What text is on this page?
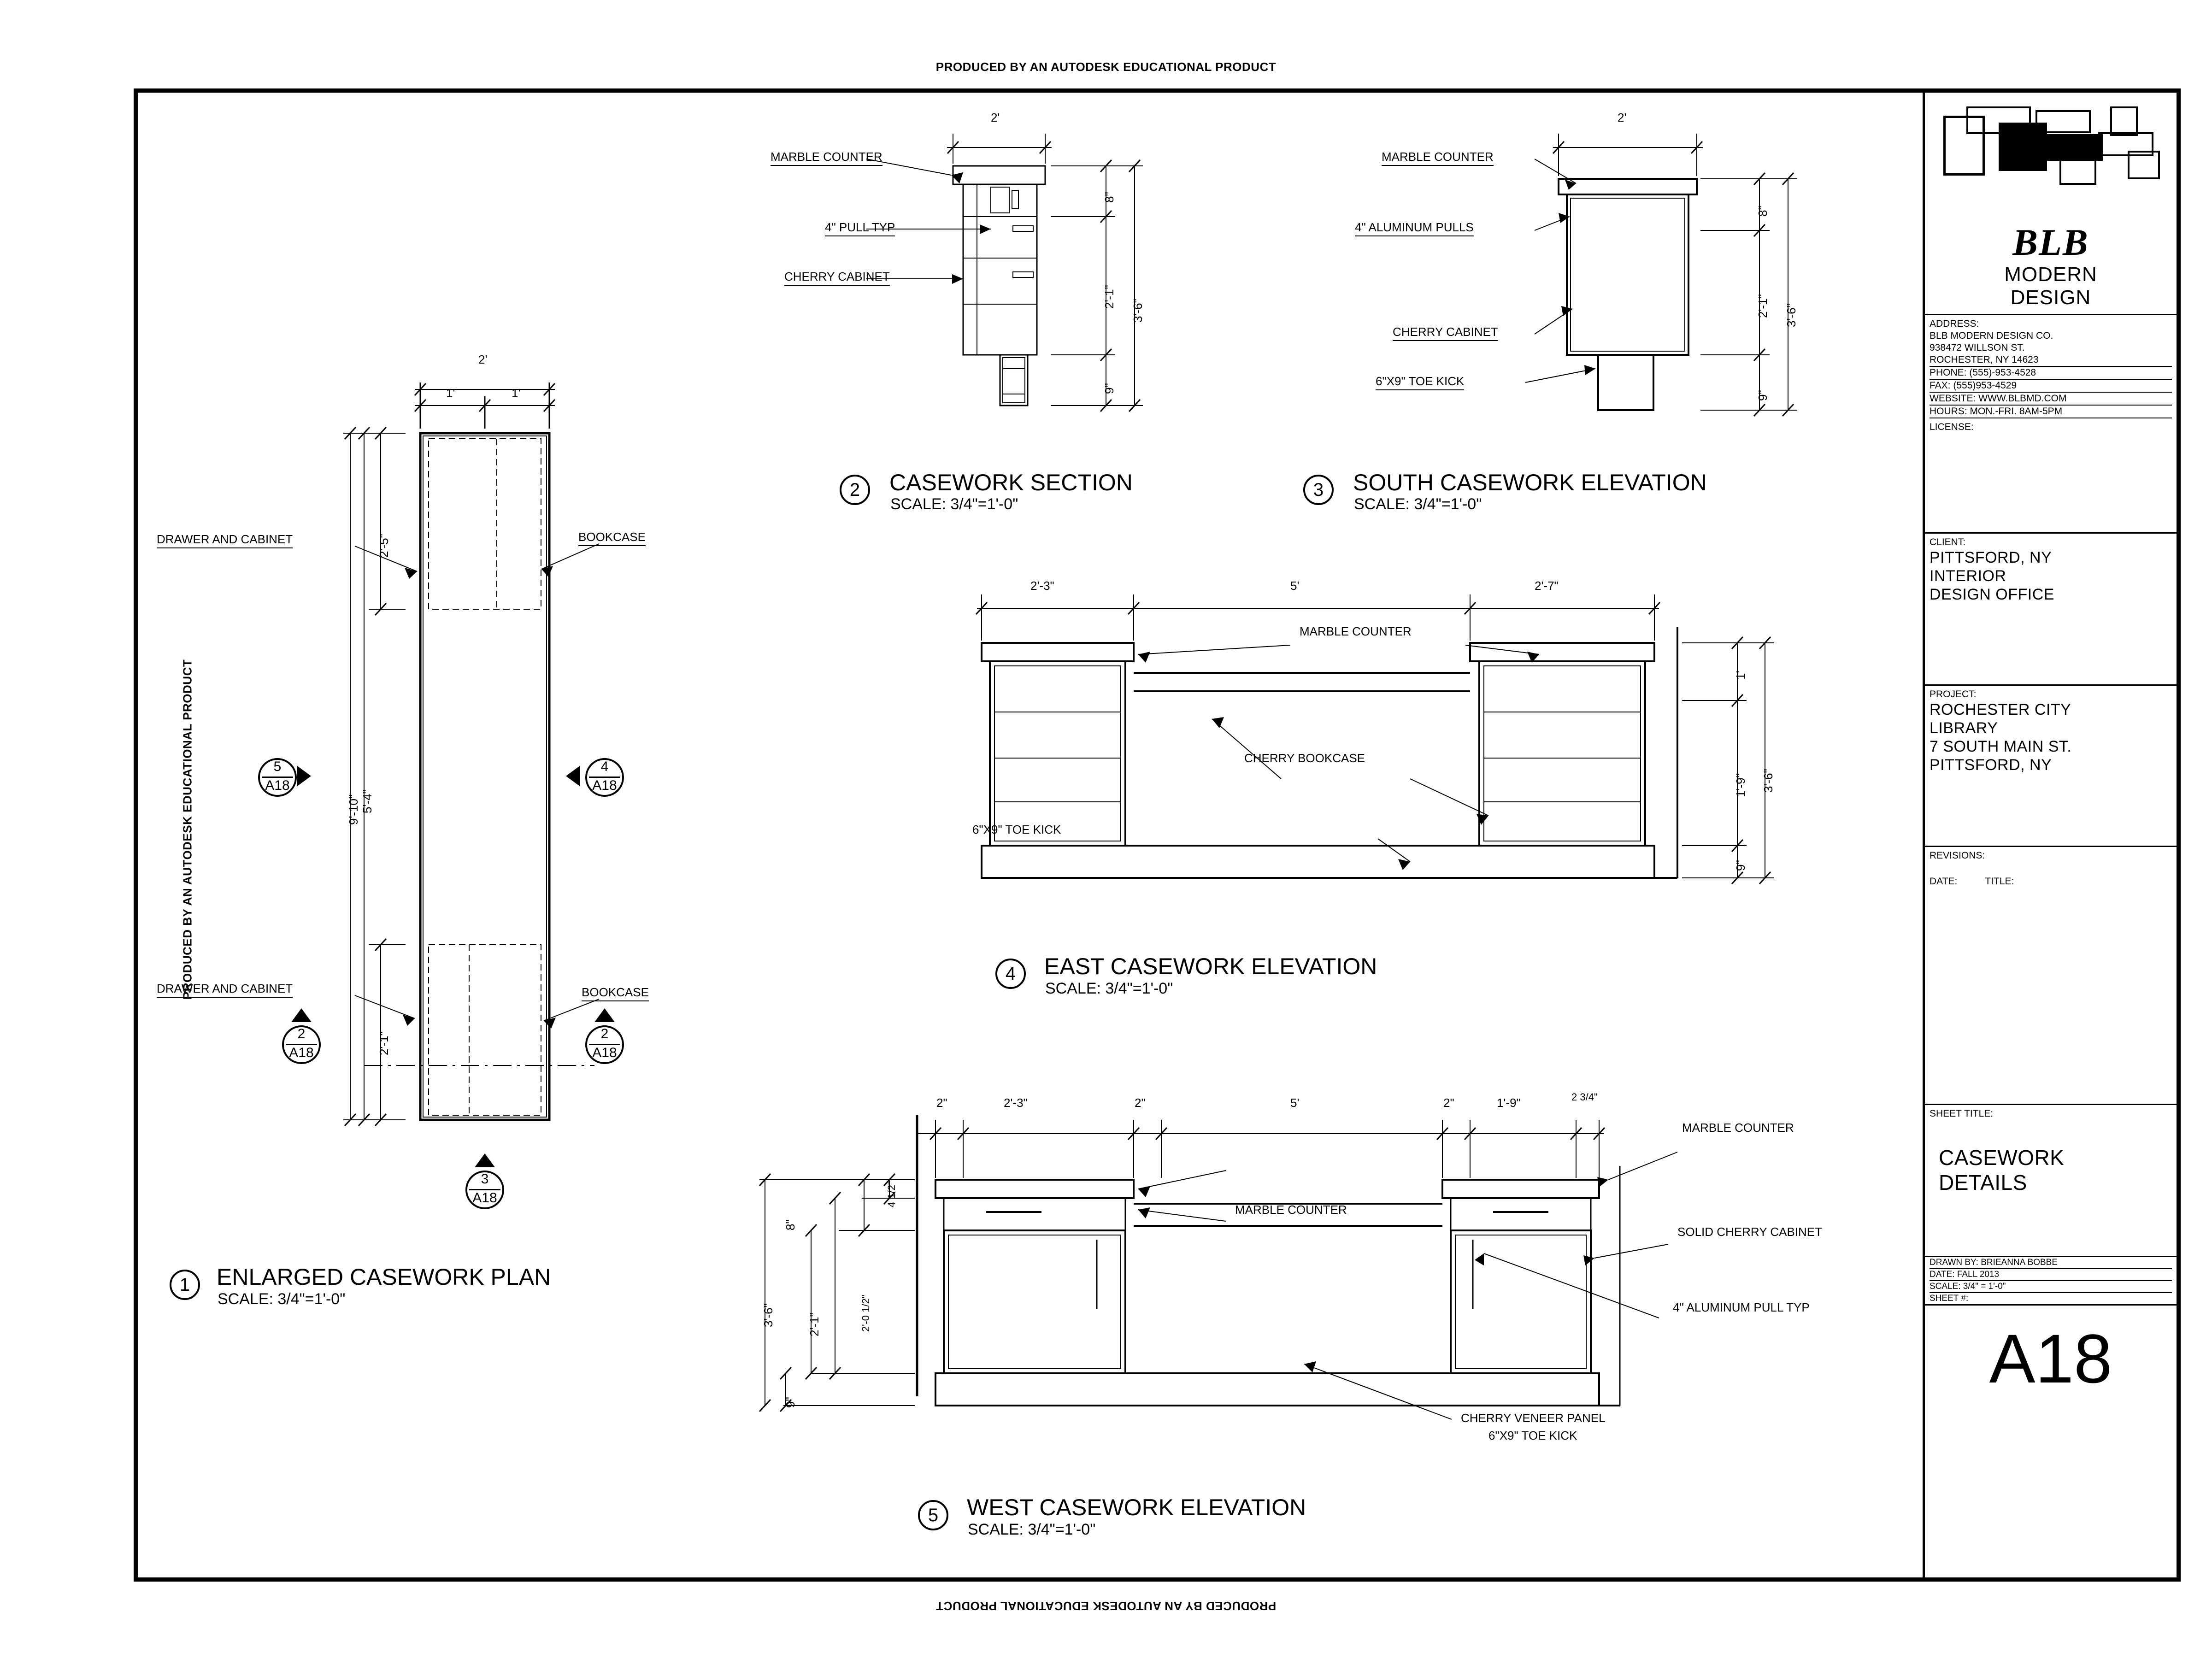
PRODUCED BY AN AUTODESK EDUCATIONAL PRODUCT
PRODUCED BY AN AUTODESK EDUCATIONAL PRODUCT
PRODUCED BY AN AUTODESK EDUCATIONAL PRODUCT
DRAWER AND CABINET	BOOKCASE
DRAWER AND CABINET	BOOKCASE
2'
1'	1'
2'-5"
9'-10" 5'-4"
2'-1"
5
A18
4
A18
2
A18
2
A18
3
A18
1	ENLARGED CASEWORK PLAN
SCALE: 3/4"=1'-0"
MARBLE COUNTER
4" PULL TYP
CHERRY CABINET
2'
8"
2'-1"
9"
3'-6"
2	CASEWORK SECTION
SCALE: 3/4"=1'-0"
MARBLE COUNTER
4" ALUMINUM PULLS
CHERRY CABINET
6"X9" TOE KICK
2'
8"
2'-1"
9"
3'-6"
3	SOUTH CASEWORK ELEVATION
SCALE: 3/4"=1'-0"
MARBLE COUNTER
CHERRY BOOKCASE
6"X9" TOE KICK
2'-3"	5'	2'-7"
1'
1'-9"
9"
3'-6"
4	EAST CASEWORK ELEVATION
SCALE: 3/4"=1'-0"
MARBLE COUNTER
MARBLE COUNTER
SOLID CHERRY CABINET
4" ALUMINUM PULL TYP
CHERRY VENEER PANEL
6"X9" TOE KICK
2"	2'-3"	2"	5'	2"	1'-9"	2 3/4"
8"
4 1/2"
2'-1"	2'-0 1/2"
9"
3'-6"
5	WEST CASEWORK ELEVATION
SCALE: 3/4"=1'-0"
BLB
MODERN
DESIGN
ADDRESS:
BLB MODERN DESIGN CO.
938472 WILLSON ST.
ROCHESTER, NY 14623
PHONE: (555)-953-4528
FAX: (555)953-4529
WEBSITE: WWW.BLBMD.COM
HOURS: MON.-FRI. 8AM-5PM
LICENSE:
CLIENT:
PITTSFORD, NY
INTERIOR
DESIGN OFFICE
PROJECT:
ROCHESTER CITY
LIBRARY
7 SOUTH MAIN ST.
PITTSFORD, NY
REVISIONS:
DATE:	TITLE:
SHEET TITLE:
CASEWORK
DETAILS
DRAWN BY: BRIEANNA BOBBE
DATE: FALL 2013
SCALE: 3/4" = 1'-0"
SHEET #:
A18
